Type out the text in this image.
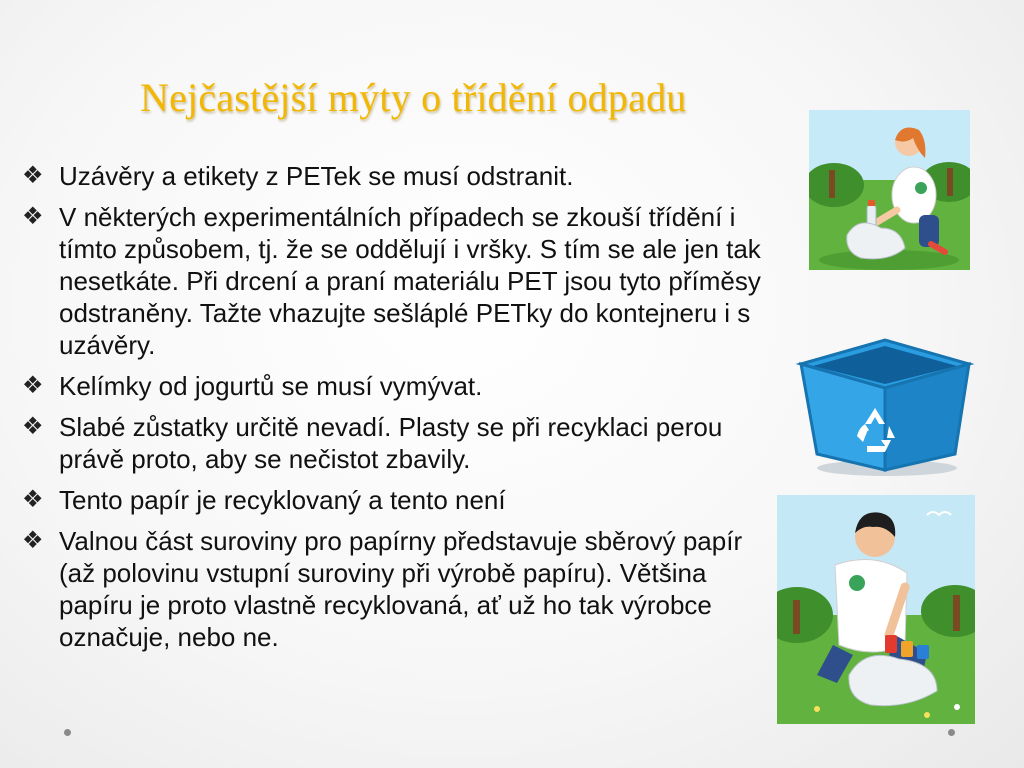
Nejčastější mýty o třídění odpadu
❖ Uzávěry a etikety z PETek se musí odstranit.
❖ V některých experimentálních případech se zkouší třídění i tímto způsobem, tj. že se oddělují i vršky. S tím se ale jen tak nesetkáte. Při drcení a praní materiálu PET jsou tyto příměsy odstraněny. Tažte vhazujte sešláplé PETky do kontejneru i s uzávěry.
❖ Kelímky od jogurtů se musí vymývat.
❖ Slabé zůstatky určitě nevadí. Plasty se při recyklaci perou právě proto, aby se nečistot zbavily.
❖ Tento papír je recyklovaný a tento není
❖ Valnou část suroviny pro papírny představuje sběrový papír (až polovinu vstupní suroviny při výrobě papíru). Většina papíru je proto vlastně recyklovaná, ať už ho tak výrobce označuje, nebo ne.
